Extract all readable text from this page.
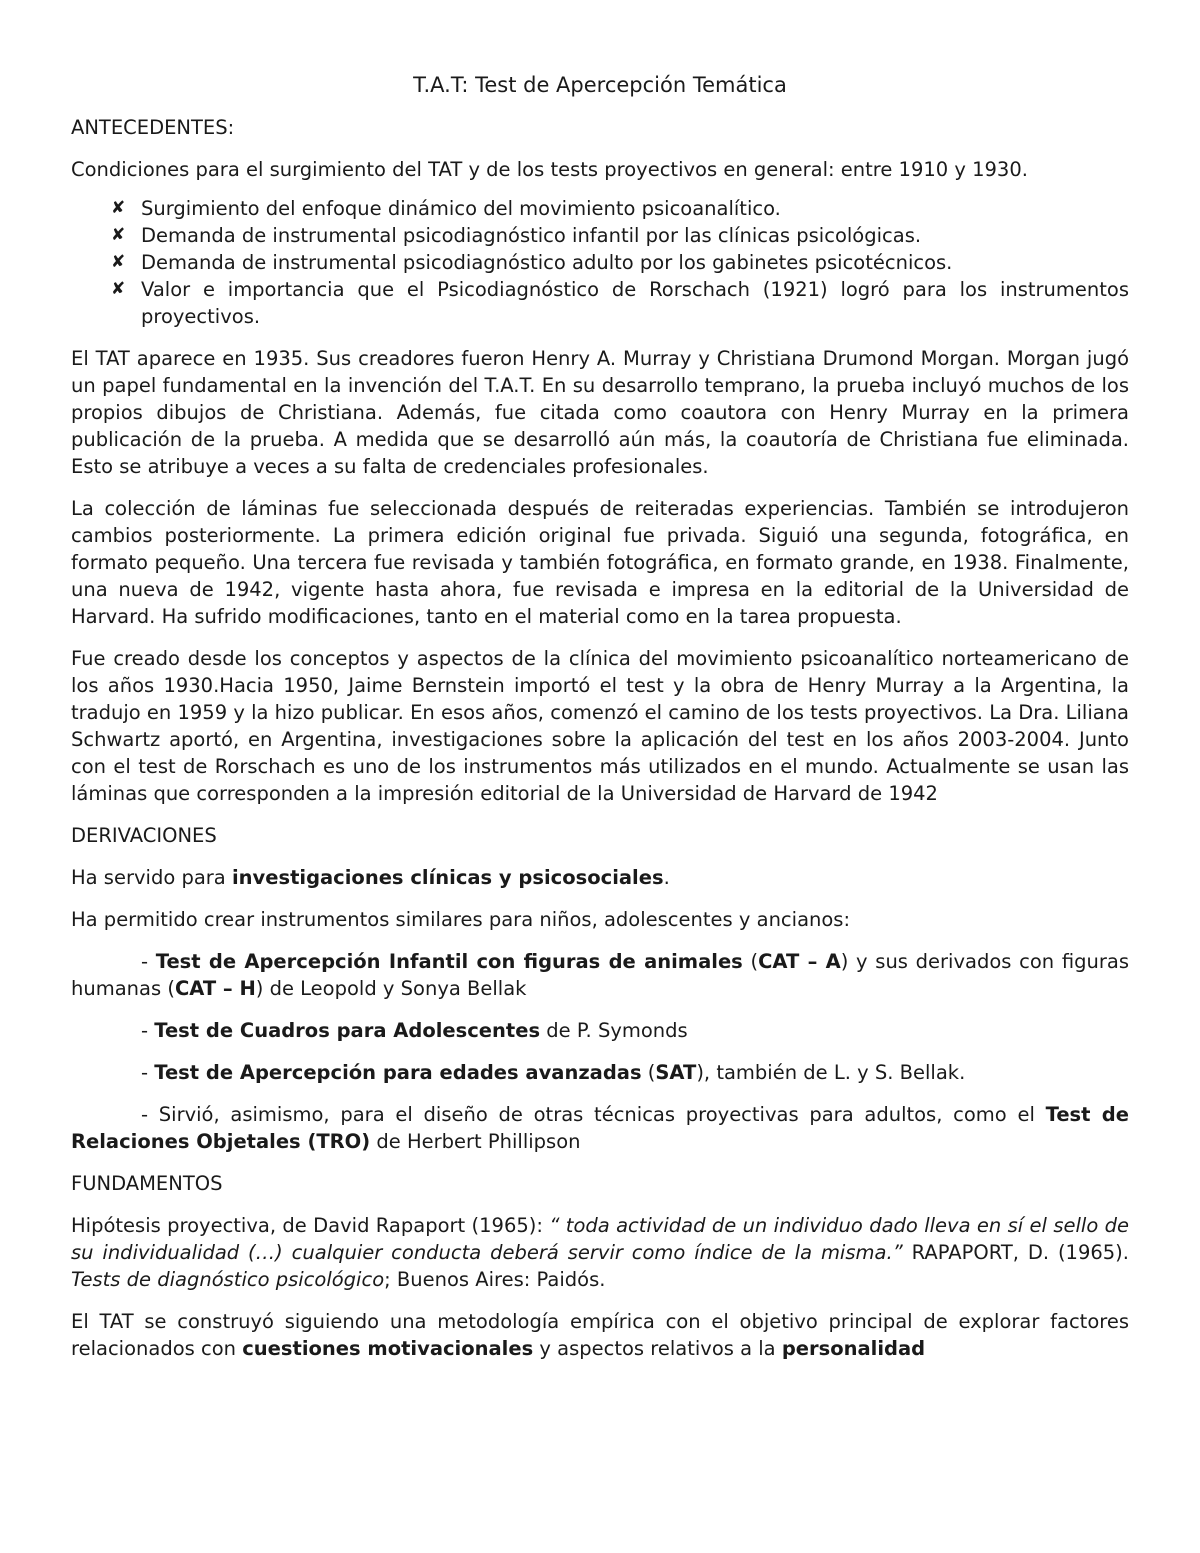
T.A.T: Test de Apercepción Temática

ANTECEDENTES:

Condiciones para el surgimiento del TAT y de los tests proyectivos en general: entre 1910 y 1930.

✘ Surgimiento del enfoque dinámico del movimiento psicoanalítico.
✘ Demanda de instrumental psicodiagnóstico infantil por las clínicas psicológicas.
✘ Demanda de instrumental psicodiagnóstico adulto por los gabinetes psicotécnicos.
✘ Valor e importancia que el Psicodiagnóstico de Rorschach (1921) logró para los instrumentos proyectivos.

El TAT aparece en 1935. Sus creadores fueron Henry A. Murray y Christiana Drumond Morgan. Morgan jugó un papel fundamental en la invención del T.A.T. En su desarrollo temprano, la prueba incluyó muchos de los propios dibujos de Christiana. Además, fue citada como coautora con Henry Murray en la primera publicación de la prueba. A medida que se desarrolló aún más, la coautoría de Christiana fue eliminada. Esto se atribuye a veces a su falta de credenciales profesionales.

La colección de láminas fue seleccionada después de reiteradas experiencias. También se introdujeron cambios posteriormente. La primera edición original fue privada. Siguió una segunda, fotográfica, en formato pequeño. Una tercera fue revisada y también fotográfica, en formato grande, en 1938. Finalmente, una nueva de 1942, vigente hasta ahora, fue revisada e impresa en la editorial de la Universidad de Harvard. Ha sufrido modificaciones, tanto en el material como en la tarea propuesta.

Fue creado desde los conceptos y aspectos de la clínica del movimiento psicoanalítico norteamericano de los años 1930.Hacia 1950, Jaime Bernstein importó el test y la obra de Henry Murray a la Argentina, la tradujo en 1959 y la hizo publicar. En esos años, comenzó el camino de los tests proyectivos. La Dra. Liliana Schwartz aportó, en Argentina, investigaciones sobre la aplicación del test en los años 2003-2004. Junto con el test de Rorschach es uno de los instrumentos más utilizados en el mundo. Actualmente se usan las láminas que corresponden a la impresión editorial de la Universidad de Harvard de 1942

DERIVACIONES

Ha servido para investigaciones clínicas y psicosociales.

Ha permitido crear instrumentos similares para niños, adolescentes y ancianos:

- Test de Apercepción Infantil con figuras de animales (CAT – A) y sus derivados con figuras humanas (CAT – H) de Leopold y Sonya Bellak

- Test de Cuadros para Adolescentes de P. Symonds

- Test de Apercepción para edades avanzadas (SAT), también de L. y S. Bellak.

- Sirvió, asimismo, para el diseño de otras técnicas proyectivas para adultos, como el Test de Relaciones Objetales (TRO) de Herbert Phillipson

FUNDAMENTOS

Hipótesis proyectiva, de David Rapaport (1965): “ toda actividad de un individuo dado lleva en sí el sello de su individualidad (…) cualquier conducta deberá servir como índice de la misma.” RAPAPORT, D. (1965). Tests de diagnóstico psicológico; Buenos Aires: Paidós.

El TAT se construyó siguiendo una metodología empírica con el objetivo principal de explorar factores relacionados con cuestiones motivacionales y aspectos relativos a la personalidad
